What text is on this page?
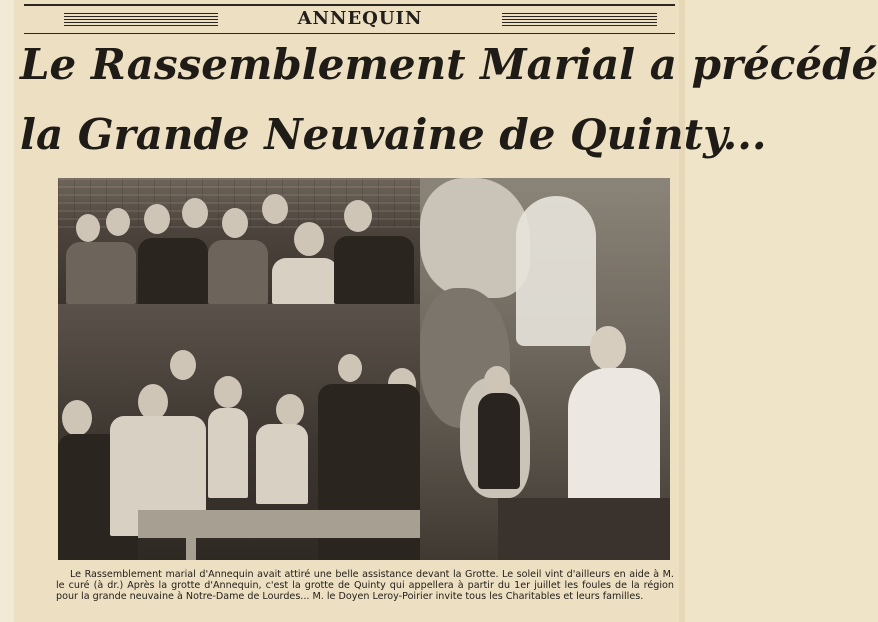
ANNEQUIN
Le Rassemblement Marial a précédé
la Grande Neuvaine de Quinty...

Le Rassemblement marial d'Annequin avait attiré une belle assistance devant la Grotte. Le soleil vint d'ailleurs en aide à M. le curé (à dr.) Après la grotte d'Annequin, c'est la grotte de Quinty qui appellera à partir du 1er juillet les foules de la région pour la grande neuvaine à Notre-Dame de Lourdes... M. le Doyen Leroy-Poirier invite tous les Charitables et leurs familles.
